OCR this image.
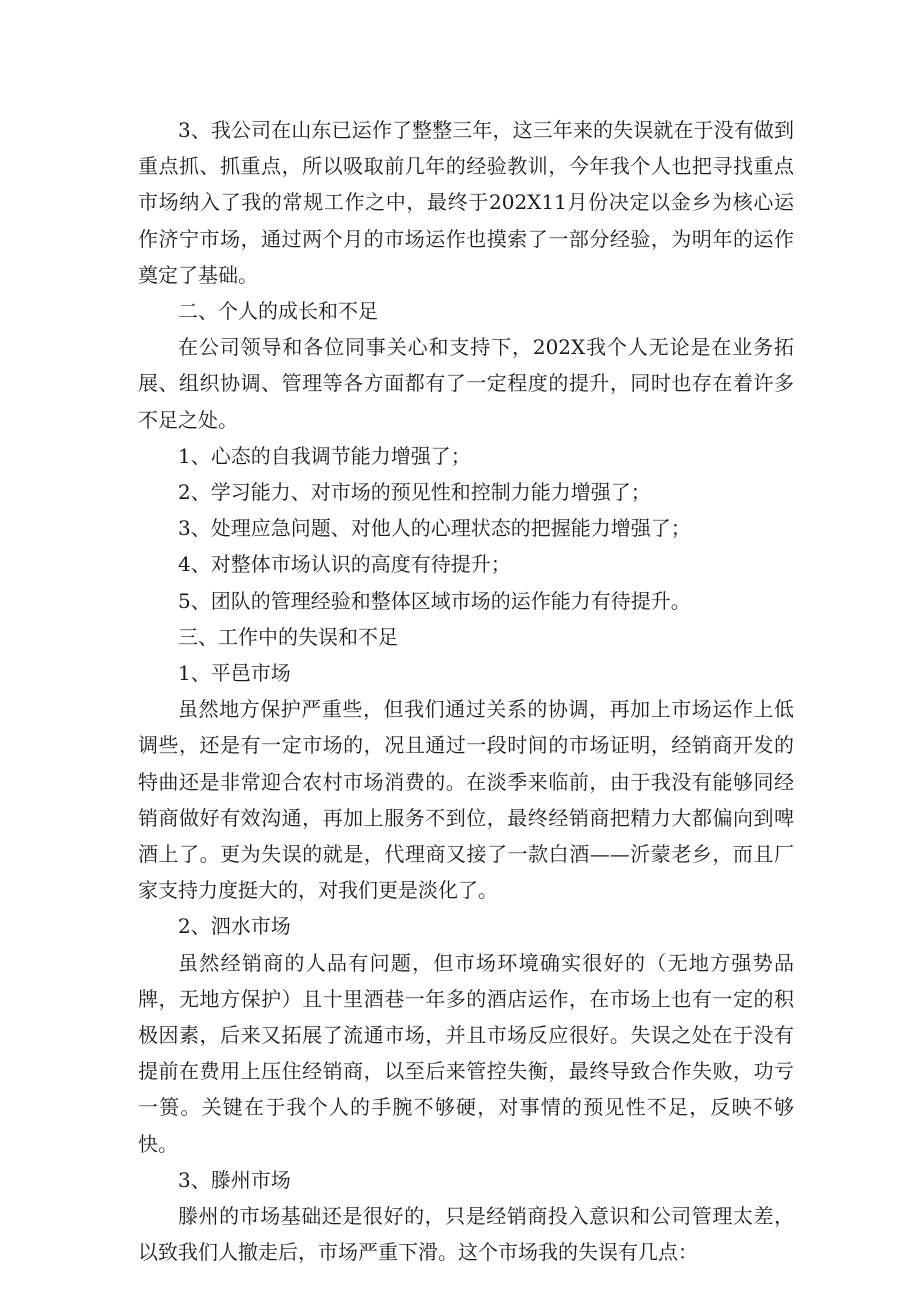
3、我公司在山东已运作了整整三年，这三年来的失误就在于没有做到重点抓、抓重点，所以吸取前几年的经验教训，今年我个人也把寻找重点市场纳入了我的常规工作之中，最终于202X11月份决定以金乡为核心运作济宁市场，通过两个月的市场运作也摸索了一部分经验，为明年的运作奠定了基础。

二、个人的成长和不足

在公司领导和各位同事关心和支持下，202X我个人无论是在业务拓展、组织协调、管理等各方面都有了一定程度的提升，同时也存在着许多不足之处。

1、心态的自我调节能力增强了；

2、学习能力、对市场的预见性和控制力能力增强了；

3、处理应急问题、对他人的心理状态的把握能力增强了；

4、对整体市场认识的高度有待提升；

5、团队的管理经验和整体区域市场的运作能力有待提升。

三、工作中的失误和不足

1、平邑市场

虽然地方保护严重些，但我们通过关系的协调，再加上市场运作上低调些，还是有一定市场的，况且通过一段时间的市场证明，经销商开发的特曲还是非常迎合农村市场消费的。在淡季来临前，由于我没有能够同经销商做好有效沟通，再加上服务不到位，最终经销商把精力大都偏向到啤酒上了。更为失误的就是，代理商又接了一款白酒——沂蒙老乡，而且厂家支持力度挺大的，对我们更是淡化了。

2、泗水市场

虽然经销商的人品有问题，但市场环境确实很好的（无地方强势品牌，无地方保护）且十里酒巷一年多的酒店运作，在市场上也有一定的积极因素，后来又拓展了流通市场，并且市场反应很好。失误之处在于没有提前在费用上压住经销商，以至后来管控失衡，最终导致合作失败，功亏一篑。关键在于我个人的手腕不够硬，对事情的预见性不足，反映不够快。

3、滕州市场

滕州的市场基础还是很好的，只是经销商投入意识和公司管理太差，以致我们人撤走后，市场严重下滑。这个市场我的失误有几点：
